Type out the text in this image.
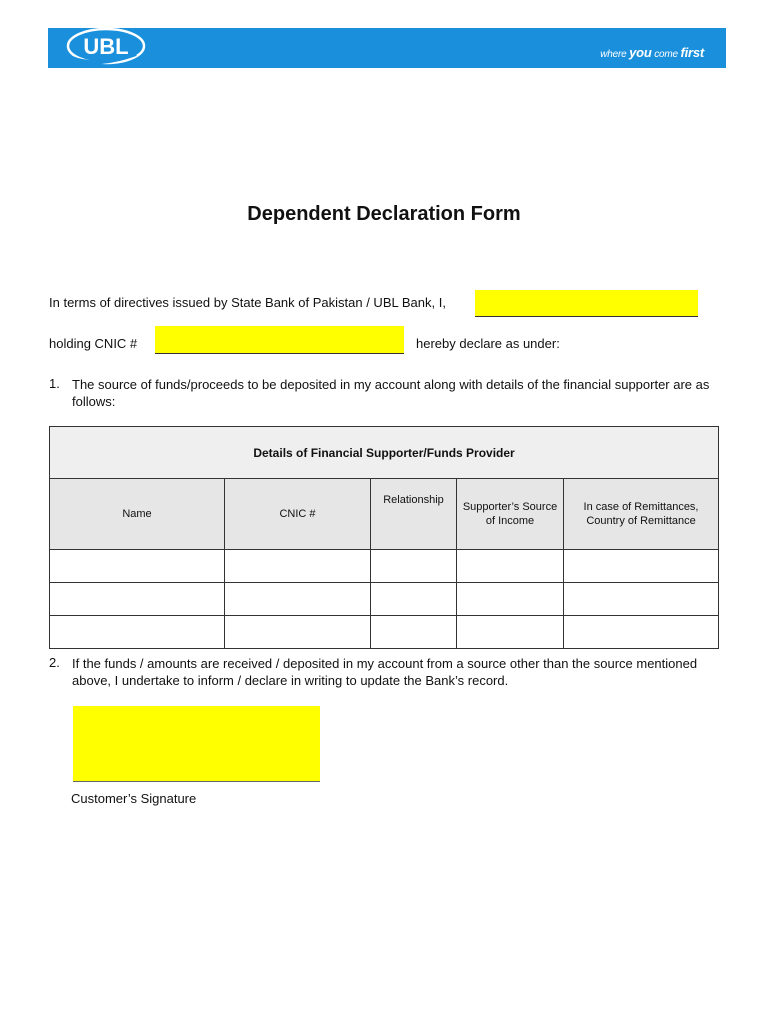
UBL	where you come first
Dependent Declaration Form
In terms of directives issued by State Bank of Pakistan / UBL Bank, I,
holding CNIC #	hereby declare as under:
1. The source of funds/proceeds to be deposited in my account along with details of the financial supporter are as follows:
Details of Financial Supporter/Funds Provider				
Name	CNIC #	Relationship	Supporter’s Source of Income	In case of Remittances, Country of Remittance

2. If the funds / amounts are received / deposited in my account from a source other than the source mentioned above, I undertake to inform / declare in writing to update the Bank’s record.
Customer’s Signature
